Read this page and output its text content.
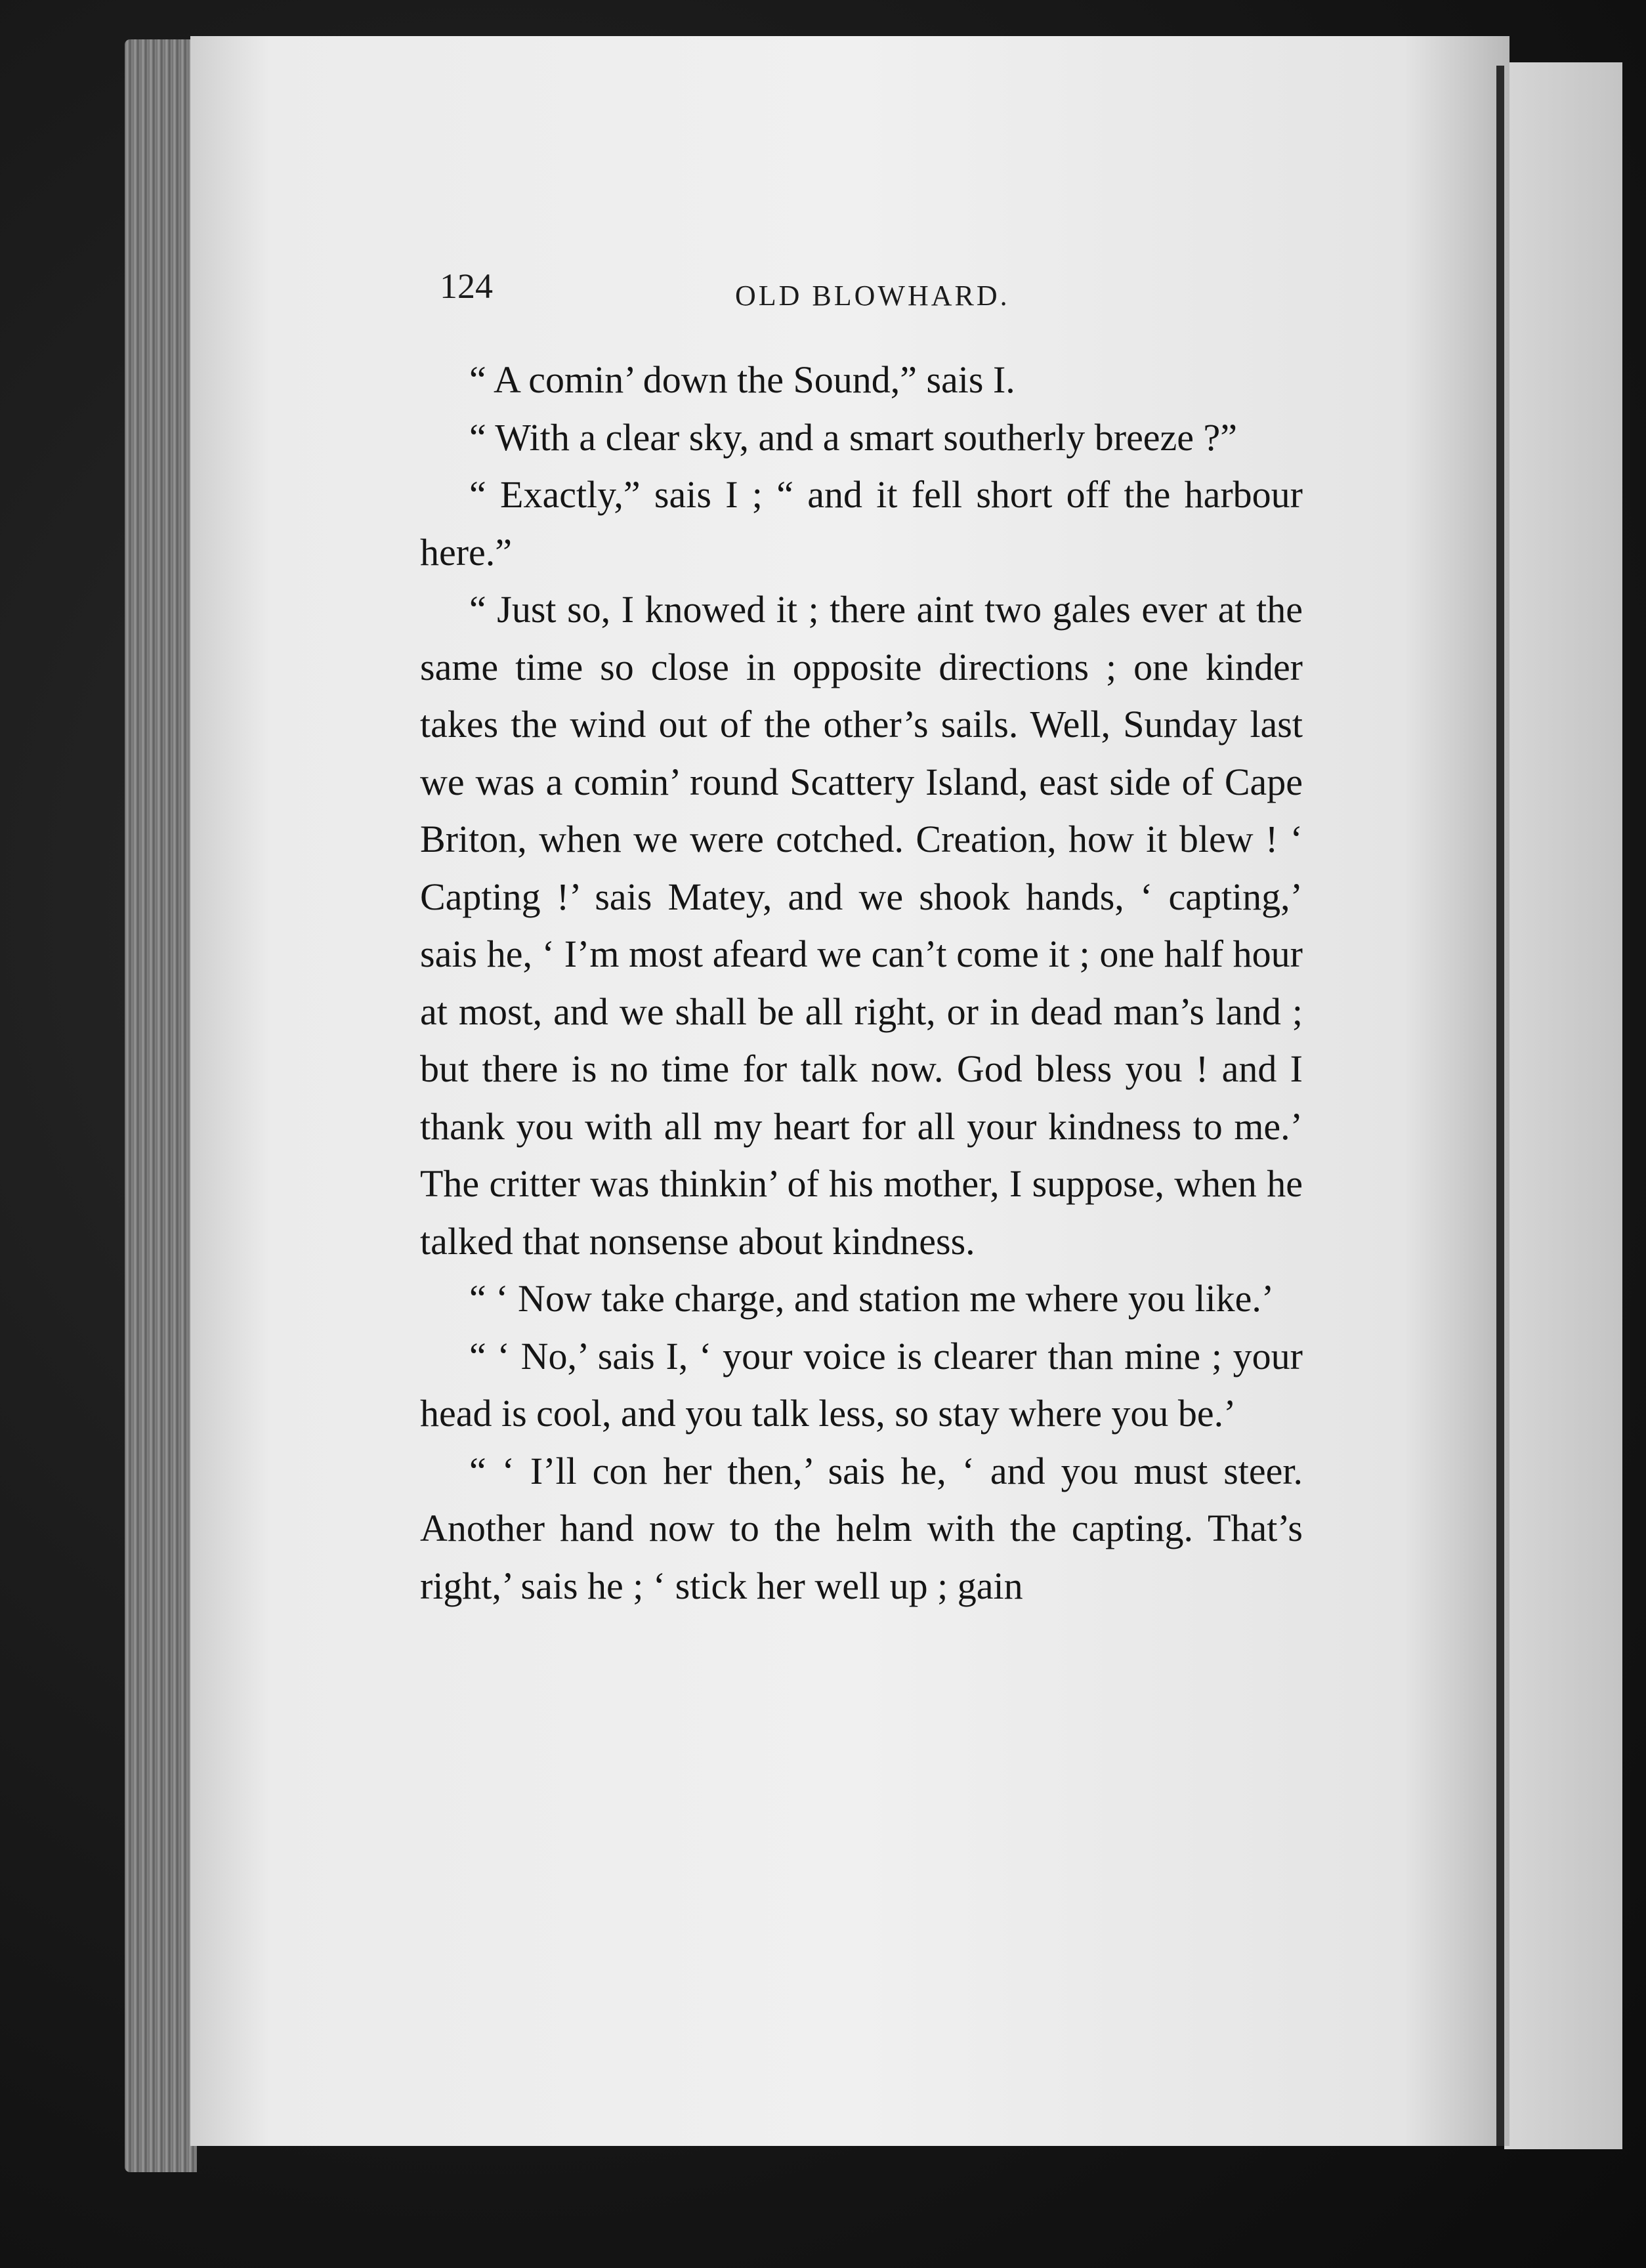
124	OLD BLOWHARD.

“ A comin’ down the Sound,” sais I.

“ With a clear sky, and a smart southerly breeze ?”

“ Exactly,” sais I ; “ and it fell short off the harbour here.”

“ Just so, I knowed it ; there aint two gales ever at the same time so close in opposite directions ; one kinder takes the wind out of the other’s sails. Well, Sunday last we was a comin’ round Scattery Island, east side of Cape Briton, when we were cotched. Creation, how it blew ! ‘ Capting !’ sais Matey, and we shook hands, ‘ capting,’ sais he, ‘ I’m most afeard we can’t come it ; one half hour at most, and we shall be all right, or in dead man’s land ; but there is no time for talk now. God bless you ! and I thank you with all my heart for all your kindness to me.’ The critter was thinkin’ of his mother, I suppose, when he talked that nonsense about kindness.

“ ‘ Now take charge, and station me where you like.’

“ ‘ No,’ sais I, ‘ your voice is clearer than mine ; your head is cool, and you talk less, so stay where you be.’

“ ‘ I’ll con her then,’ sais he, ‘ and you must steer. Another hand now to the helm with the capting. That’s right,’ sais he ; ‘ stick her well up ; gain
